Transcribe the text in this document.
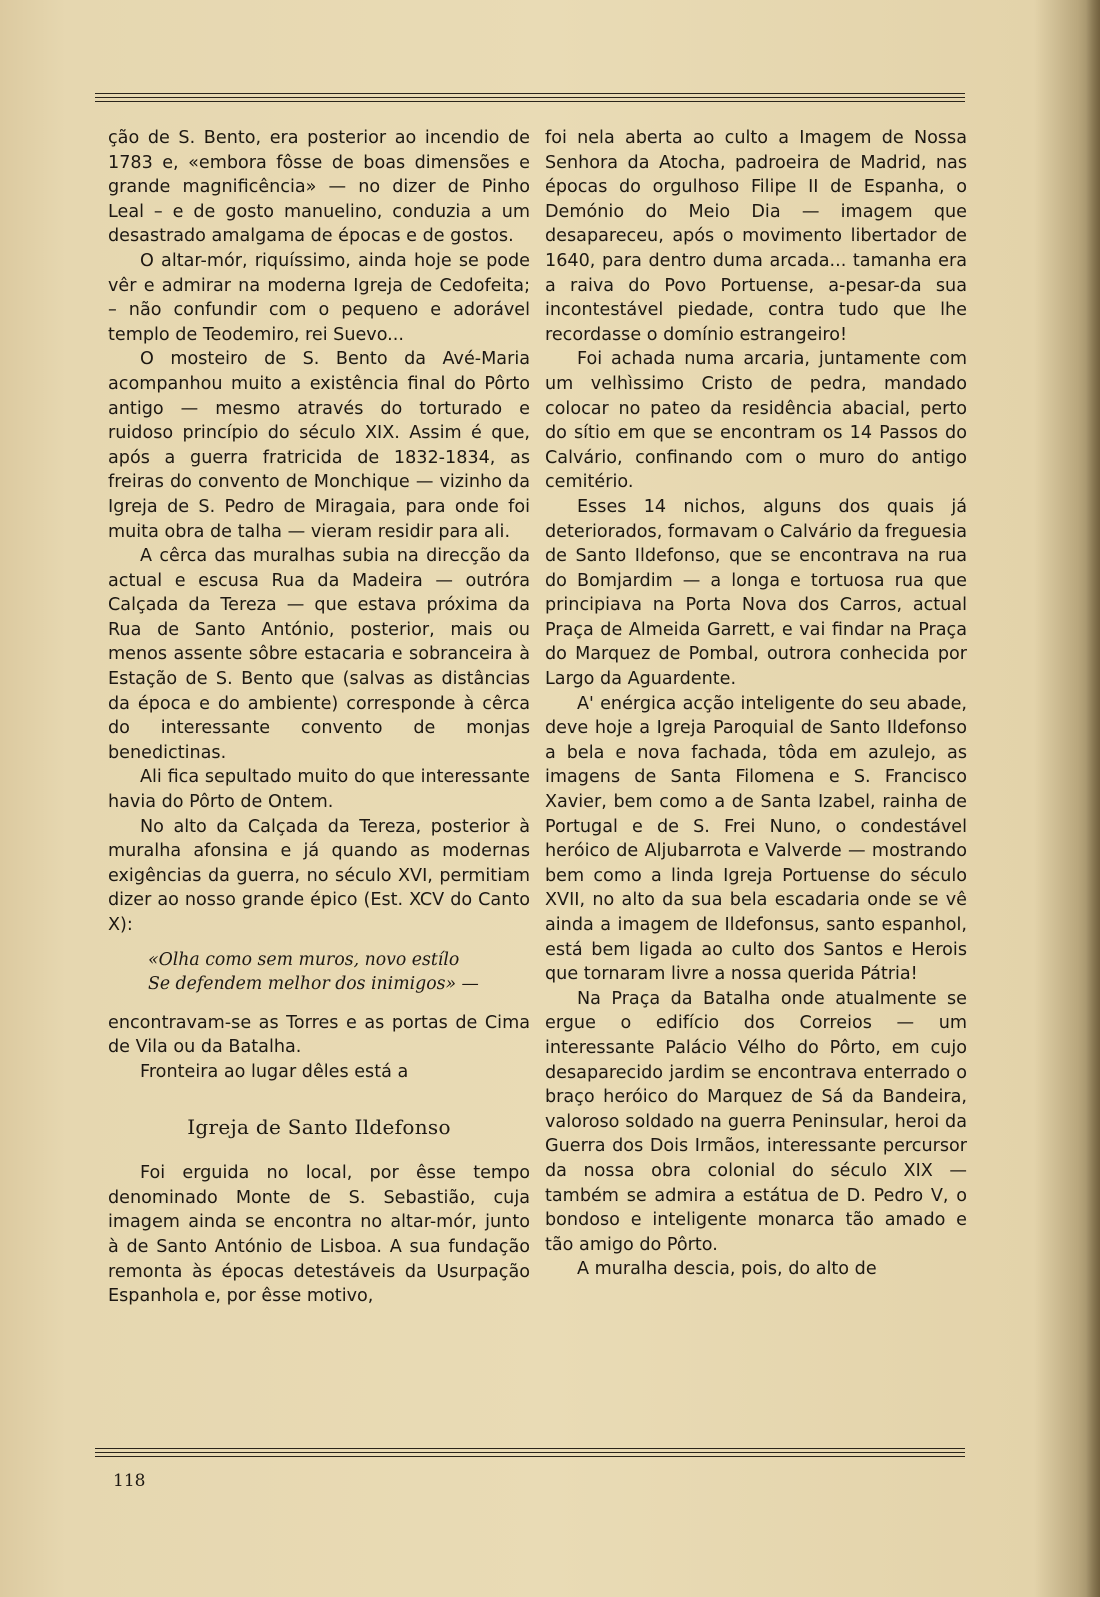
ção de S. Bento, era posterior ao incendio de 1783 e, «embora fôsse de boas dimensões e grande magnificência» — no dizer de Pinho Leal – e de gosto manuelino, conduzia a um desastrado amalgama de épocas e de gostos.

O altar-mór, riquíssimo, ainda hoje se pode vêr e admirar na moderna Igreja de Cedofeita; – não confundir com o pequeno e adorável templo de Teodemiro, rei Suevo...

O mosteiro de S. Bento da Avé-Maria acompanhou muito a existência final do Pôrto antigo — mesmo através do torturado e ruidoso princípio do século XIX. Assim é que, após a guerra fratricida de 1832-1834, as freiras do convento de Monchique — vizinho da Igreja de S. Pedro de Miragaia, para onde foi muita obra de talha — vieram residir para ali.

A cêrca das muralhas subia na direcção da actual e escusa Rua da Madeira — outróra Calçada da Tereza — que estava próxima da Rua de Santo António, posterior, mais ou menos assente sôbre estacaria e sobranceira à Estação de S. Bento que (salvas as distâncias da época e do ambiente) corresponde à cêrca do interessante convento de monjas benedictinas.

Ali fica sepultado muito do que interessante havia do Pôrto de Ontem.

No alto da Calçada da Tereza, posterior à muralha afonsina e já quando as modernas exigências da guerra, no século XVI, permitiam dizer ao nosso grande épico (Est. XCV do Canto X):

«Olha como sem muros, novo estílo
Se defendem melhor dos inimigos» —

encontravam-se as Torres e as portas de Cima de Vila ou da Batalha.

Fronteira ao lugar dêles está a

Igreja de Santo Ildefonso

Foi erguida no local, por êsse tempo denominado Monte de S. Sebastião, cuja imagem ainda se encontra no altar-mór, junto à de Santo António de Lisboa. A sua fundação remonta às épocas detestáveis da Usurpação Espanhola e, por êsse motivo,

foi nela aberta ao culto a Imagem de Nossa Senhora da Atocha, padroeira de Madrid, nas épocas do orgulhoso Filipe II de Espanha, o Demónio do Meio Dia — imagem que desapareceu, após o movimento libertador de 1640, para dentro duma arcada... tamanha era a raiva do Povo Portuense, a-pesar-da sua incontestável piedade, contra tudo que lhe recordasse o domínio estrangeiro!

Foi achada numa arcaria, juntamente com um velhìssimo Cristo de pedra, mandado colocar no pateo da residência abacial, perto do sítio em que se encontram os 14 Passos do Calvário, confinando com o muro do antigo cemitério.

Esses 14 nichos, alguns dos quais já deteriorados, formavam o Calvário da freguesia de Santo Ildefonso, que se encontrava na rua do Bomjardim — a longa e tortuosa rua que principiava na Porta Nova dos Carros, actual Praça de Almeida Garrett, e vai findar na Praça do Marquez de Pombal, outrora conhecida por Largo da Aguardente.

A' enérgica acção inteligente do seu abade, deve hoje a Igreja Paroquial de Santo Ildefonso a bela e nova fachada, tôda em azulejo, as imagens de Santa Filomena e S. Francisco Xavier, bem como a de Santa Izabel, rainha de Portugal e de S. Frei Nuno, o condestável heróico de Aljubarrota e Valverde — mostrando bem como a linda Igreja Portuense do século XVII, no alto da sua bela escadaria onde se vê ainda a imagem de Ildefonsus, santo espanhol, está bem ligada ao culto dos Santos e Herois que tornaram livre a nossa querida Pátria!

Na Praça da Batalha onde atualmente se ergue o edifício dos Correios — um interessante Palácio Vélho do Pôrto, em cujo desaparecido jardim se encontrava enterrado o braço heróico do Marquez de Sá da Bandeira, valoroso soldado na guerra Peninsular, heroi da Guerra dos Dois Irmãos, interessante percursor da nossa obra colonial do século XIX — também se admira a estátua de D. Pedro V, o bondoso e inteligente monarca tão amado e tão amigo do Pôrto.

A muralha descia, pois, do alto de

118
